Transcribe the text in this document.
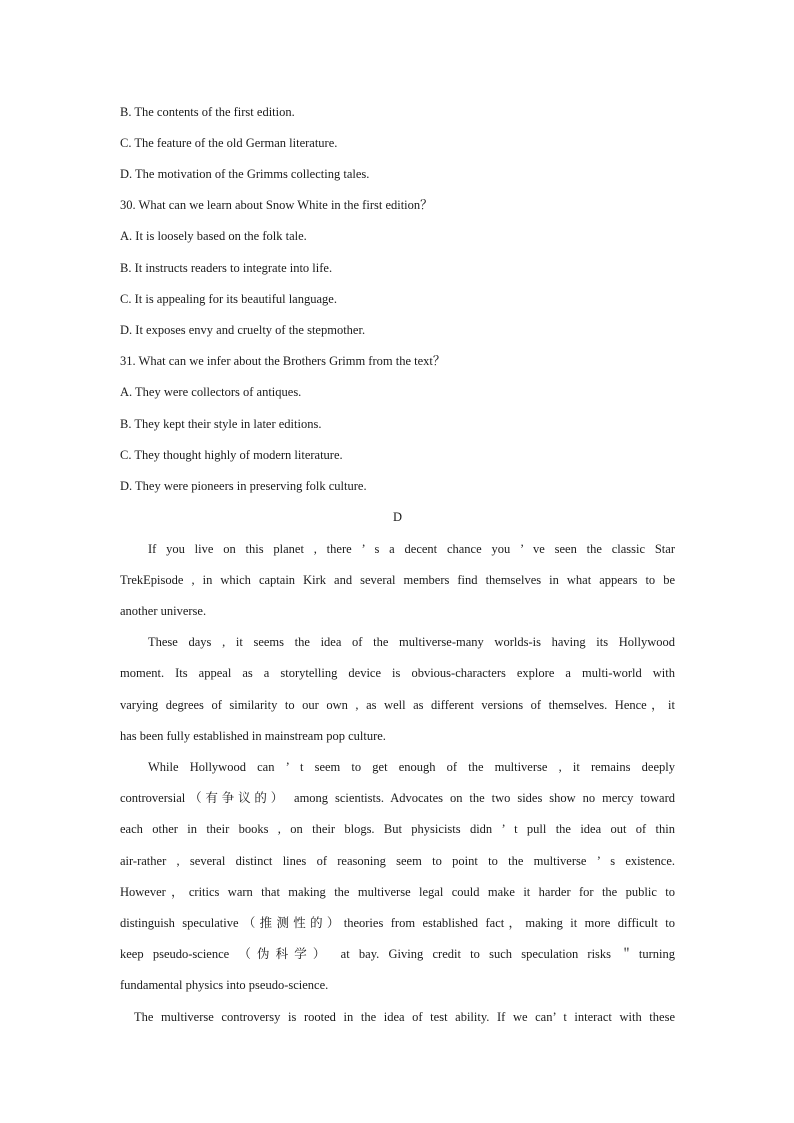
B. The contents of the first edition.
C. The feature of the old German literature.
D. The motivation of the Grimms collecting tales.
30. What can we learn about Snow White in the first edition？
A. It is loosely based on the folk tale.
B. It instructs readers to integrate into life.
C. It is appealing for its beautiful language.
D. It exposes envy and cruelty of the stepmother.
31. What can we infer about the Brothers Grimm from the text？
A. They were collectors of antiques.
B. They kept their style in later editions.
C. They thought highly of modern literature.
D. They were pioneers in preserving folk culture.
D
If you live on this planet , there ’ s a decent chance you ’ ve seen the classic Star
TrekEpisode , in which captain Kirk and several members find themselves in what appears to be
another universe.
These days , it seems the idea of the multiverse-many worlds-is having its Hollywood
moment. Its appeal as a storytelling device is obvious-characters explore a multi-world with
varying degrees of similarity to our own , as well as different versions of themselves. Hence，it
has been fully established in mainstream pop culture.
While Hollywood can ’ t seem to get enough of the multiverse , it remains deeply
controversial（有争议的） among scientists. Advocates on the two sides show no mercy toward
each other in their books , on their blogs. But physicists didn ’ t pull the idea out of thin
air-rather , several distinct lines of reasoning seem to point to the multiverse ’ s existence.
However，critics warn that making the multiverse legal could make it harder for the public to
distinguish speculative（推测性的）theories from established fact，making it more difficult to
keep pseudo-science （伪科学） at bay. Giving credit to such speculation risks ＂turning
fundamental physics into pseudo-science.
The multiverse controversy is rooted in the idea of test ability. If we can’ t interact with these
